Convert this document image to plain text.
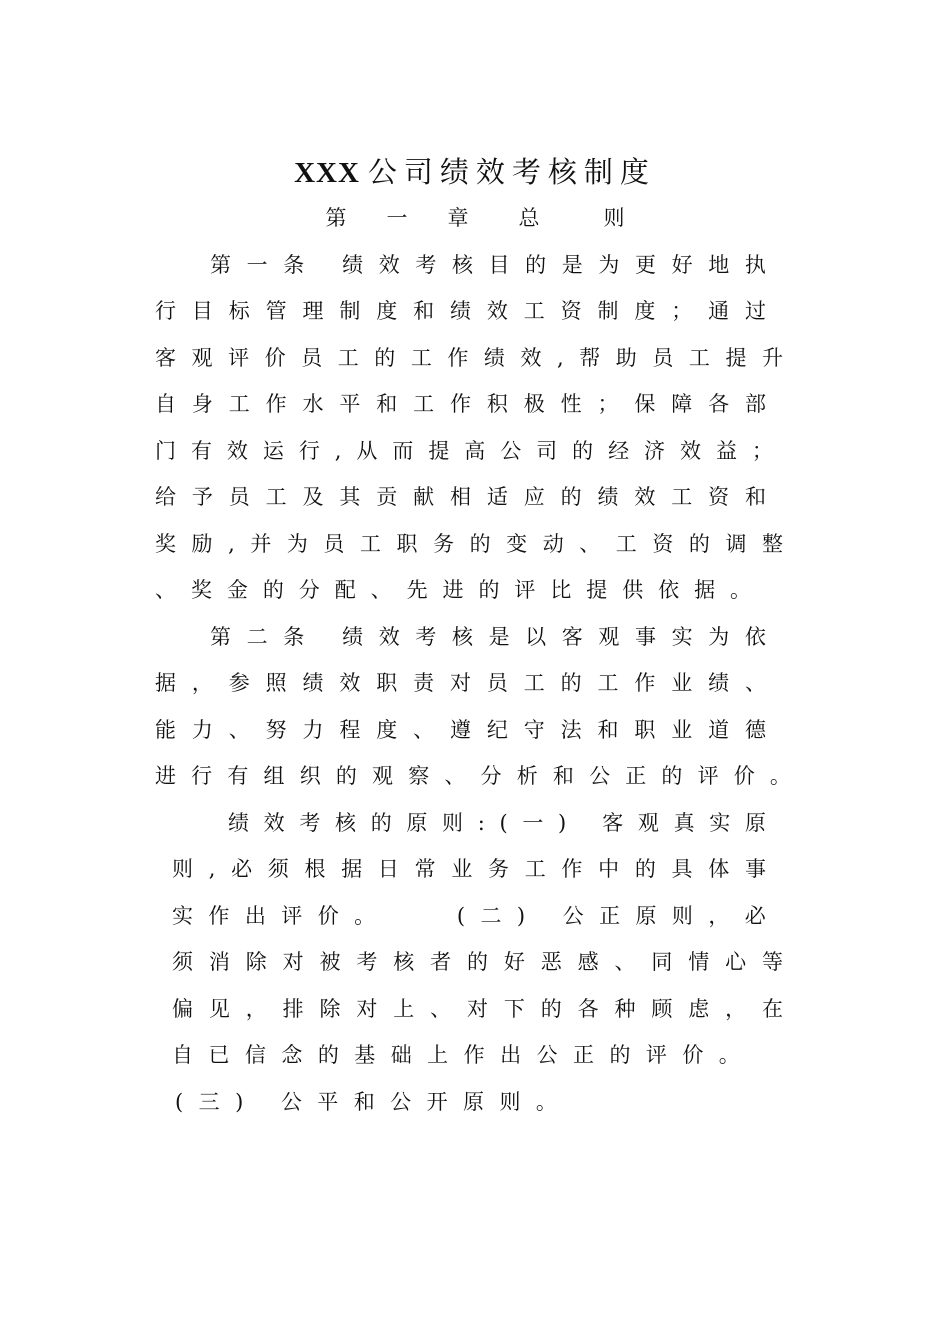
XXX 公司绩效考核制度
第 一 章 总	则
第 一 条
绩 效 考 核 目 的 是 为 更 好 地 执
行 目 标 管 理 制 度 和 绩 效 工 资 制 度 ； 通 过
客 观 评 价 员 工 的 工 作 绩 效 , 帮 助 员 工 提 升
自 身 工 作 水 平 和 工 作 积 极 性 ； 保 障 各 部
门 有 效 运 行 , 从 而 提 高 公 司 的 经 济 效 益 ；
给 予 员 工 及 其 贡 献 相 适 应 的 绩 效 工 资 和
奖 励 , 并 为 员 工 职 务 的 变 动 、 工 资 的 调 整
、 奖 金 的 分 配 、 先 进 的 评 比 提 供 依 据 。
第 二 条
绩 效 考 核 是 以 客 观 事 实 为 依
据 ， 参 照 绩 效 职 责 对 员 工 的 工 作 业 绩 、
能 力 、 努 力 程 度 、 遵 纪 守 法 和 职 业 道 德
进 行 有 组 织 的 观 察 、 分 析 和 公 正 的 评 价 。
绩 效 考 核 的 原 则 : ( 一 )
客 观 真 实 原
则 , 必 须 根 据 日 常 业 务 工 作 中 的 具 体 事
实 作 出 评 价 。

	( 二 )
公 正 原 则 ， 必
须 消 除 对 被 考 核 者 的 好 恶 感 、 同 情 心 等
偏 见 ， 排 除 对 上 、 对 下 的 各 种 顾 虑 ， 在
自 已 信 念 的 基 础 上 作 出 公 正 的 评 价 。
( 三 )
公 平 和 公 开 原 则 。
